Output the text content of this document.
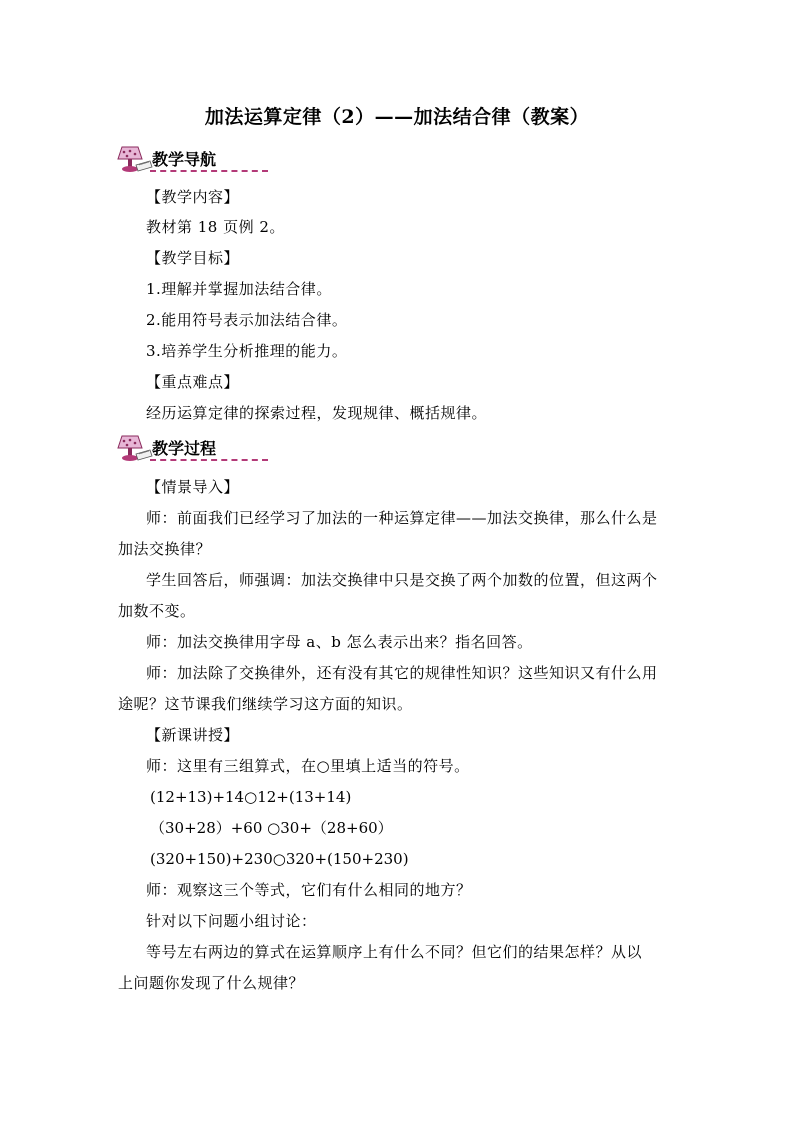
加法运算定律（2）——加法结合律（教案）
教学导航
【教学内容】
教材第 18 页例 2。
【教学目标】
1.理解并掌握加法结合律。
2.能用符号表示加法结合律。
3.培养学生分析推理的能力。
【重点难点】
经历运算定律的探索过程，发现规律、概括规律。
教学过程
【情景导入】
师：前面我们已经学习了加法的一种运算定律——加法交换律，那么什么是
加法交换律？
学生回答后，师强调：加法交换律中只是交换了两个加数的位置，但这两个
加数不变。
师：加法交换律用字母 a、b 怎么表示出来？指名回答。
师：加法除了交换律外，还有没有其它的规律性知识？这些知识又有什么用
途呢？这节课我们继续学习这方面的知识。
【新课讲授】
师：这里有三组算式，在○里填上适当的符号。
(12+13)+14○12+(13+14)
（30+28）+60 ○30+（28+60）
(320+150)+230○320+(150+230)
师：观察这三个等式，它们有什么相同的地方？
针对以下问题小组讨论：
等号左右两边的算式在运算顺序上有什么不同？但它们的结果怎样？从以
上问题你发现了什么规律？
